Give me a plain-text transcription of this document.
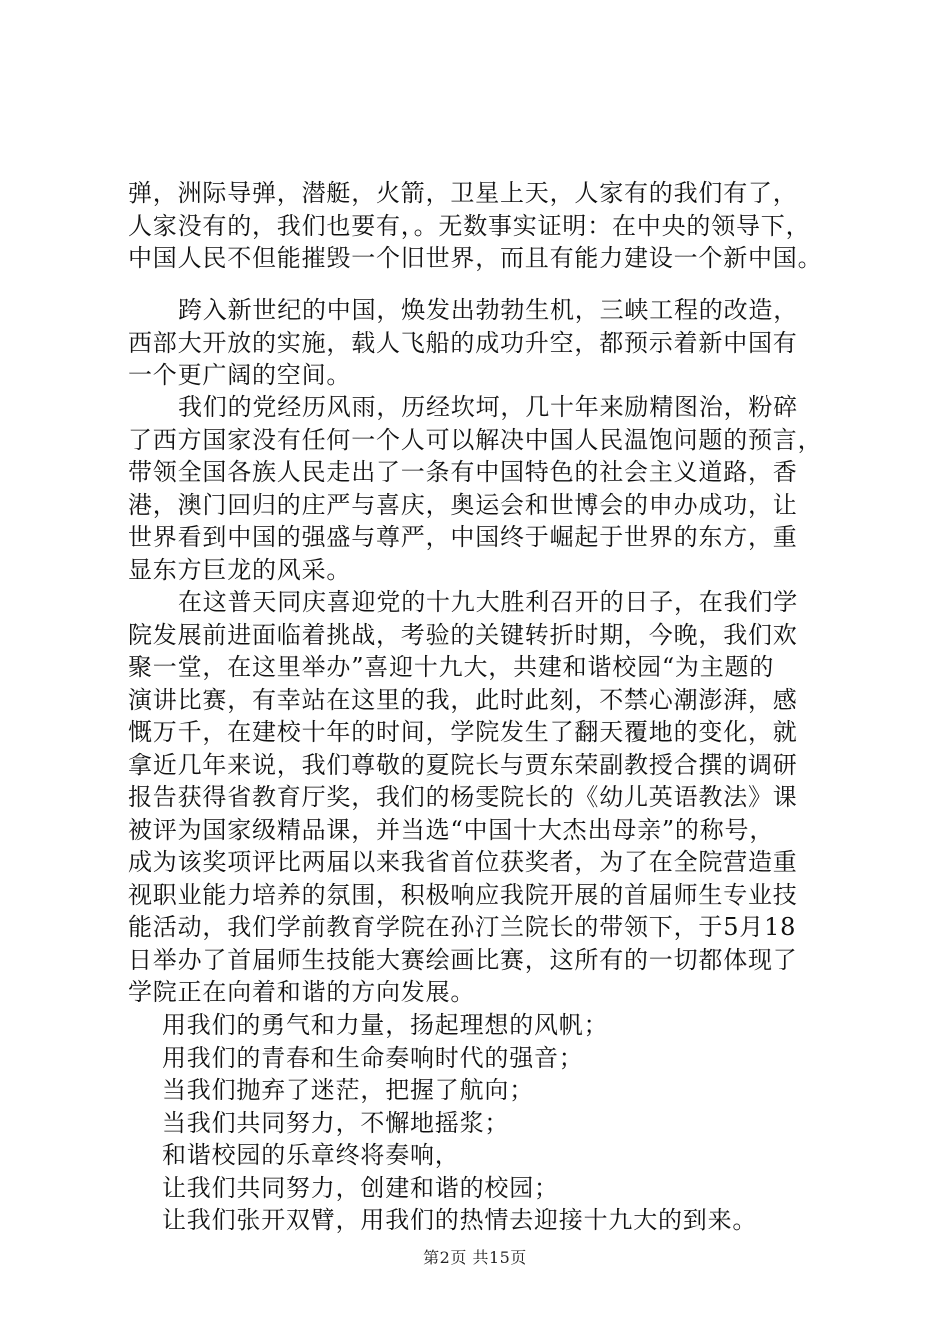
弹，洲际导弹，潜艇，火箭，卫星上天，人家有的我们有了，
人家没有的，我们也要有，。无数事实证明：在中央的领导下，
中国人民不但能摧毁一个旧世界，而且有能力建设一个新中国。
跨入新世纪的中国，焕发出勃勃生机，三峡工程的改造，
西部大开放的实施，载人飞船的成功升空，都预示着新中国有
一个更广阔的空间。
我们的党经历风雨，历经坎坷，几十年来励精图治，粉碎
了西方国家没有任何一个人可以解决中国人民温饱问题的预言，
带领全国各族人民走出了一条有中国特色的社会主义道路，香
港，澳门回归的庄严与喜庆，奥运会和世博会的申办成功，让
世界看到中国的强盛与尊严，中国终于崛起于世界的东方，重
显东方巨龙的风采。
在这普天同庆喜迎党的十九大胜利召开的日子，在我们学
院发展前进面临着挑战，考验的关键转折时期，今晚，我们欢
聚一堂，在这里举办”喜迎十九大，共建和谐校园“为主题的
演讲比赛，有幸站在这里的我，此时此刻，不禁心潮澎湃，感
慨万千，在建校十年的时间，学院发生了翻天覆地的变化，就
拿近几年来说，我们尊敬的夏院长与贾东荣副教授合撰的调研
报告获得省教育厅奖，我们的杨雯院长的《幼儿英语教法》课
被评为国家级精品课，并当选“中国十大杰出母亲”的称号，
成为该奖项评比两届以来我省首位获奖者，为了在全院营造重
视职业能力培养的氛围，积极响应我院开展的首届师生专业技
能活动，我们学前教育学院在孙汀兰院长的带领下，于5月18
日举办了首届师生技能大赛绘画比赛，这所有的一切都体现了
学院正在向着和谐的方向发展。
用我们的勇气和力量，扬起理想的风帆；
用我们的青春和生命奏响时代的强音；
当我们抛弃了迷茫，把握了航向；
当我们共同努力，不懈地摇浆；
和谐校园的乐章终将奏响，
让我们共同努力，创建和谐的校园；
让我们张开双臂，用我们的热情去迎接十九大的到来。
第2页 共15页
